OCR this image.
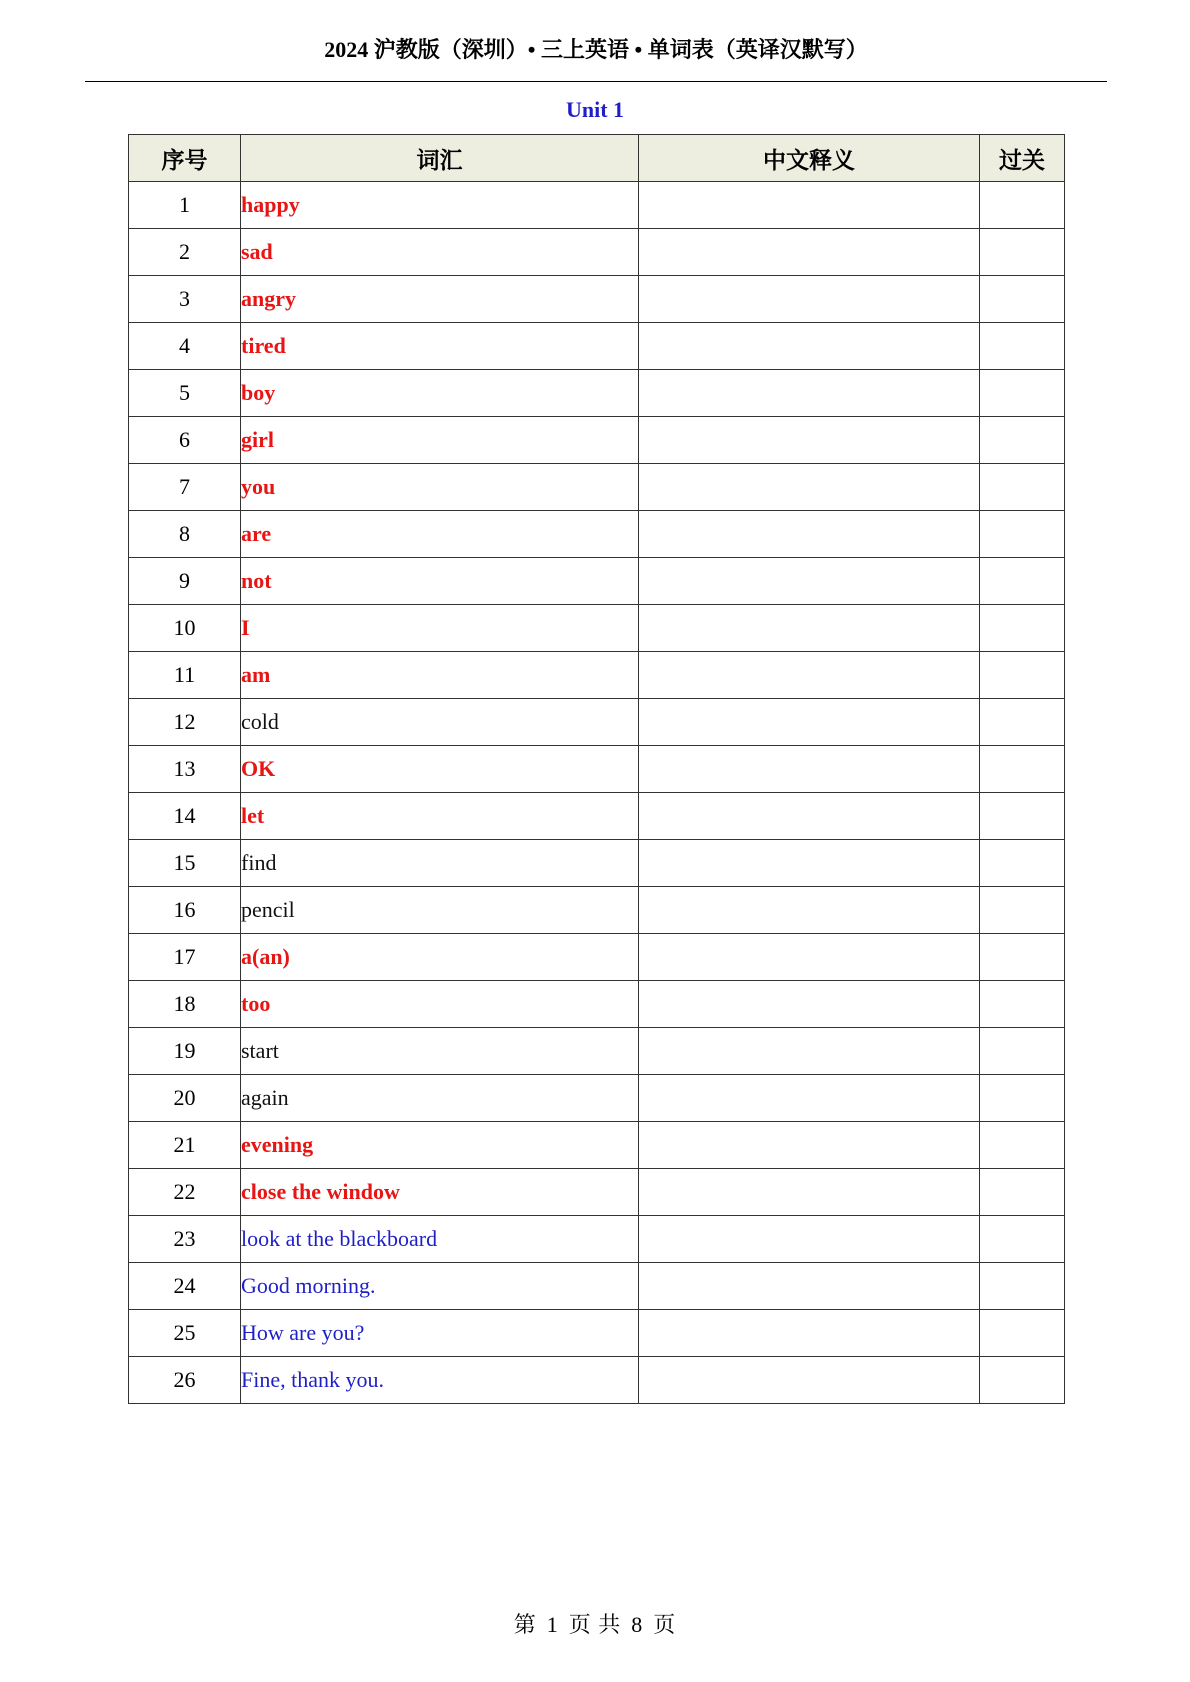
2024 沪教版（深圳）• 三上英语 • 单词表（英译汉默写）
Unit 1
序号	词汇	中文释义	过关
1	happy		
2	sad		
3	angry		
4	tired		
5	boy		
6	girl		
7	you		
8	are		
9	not		
10	I		
11	am		
12	cold		
13	OK		
14	let		
15	find		
16	pencil		
17	a(an)		
18	too		
19	start		
20	again		
21	evening		
22	close the window		
23	look at the blackboard		
24	Good morning.		
25	How are you?		
26	Fine, thank you.		
第 1 页 共 8 页
